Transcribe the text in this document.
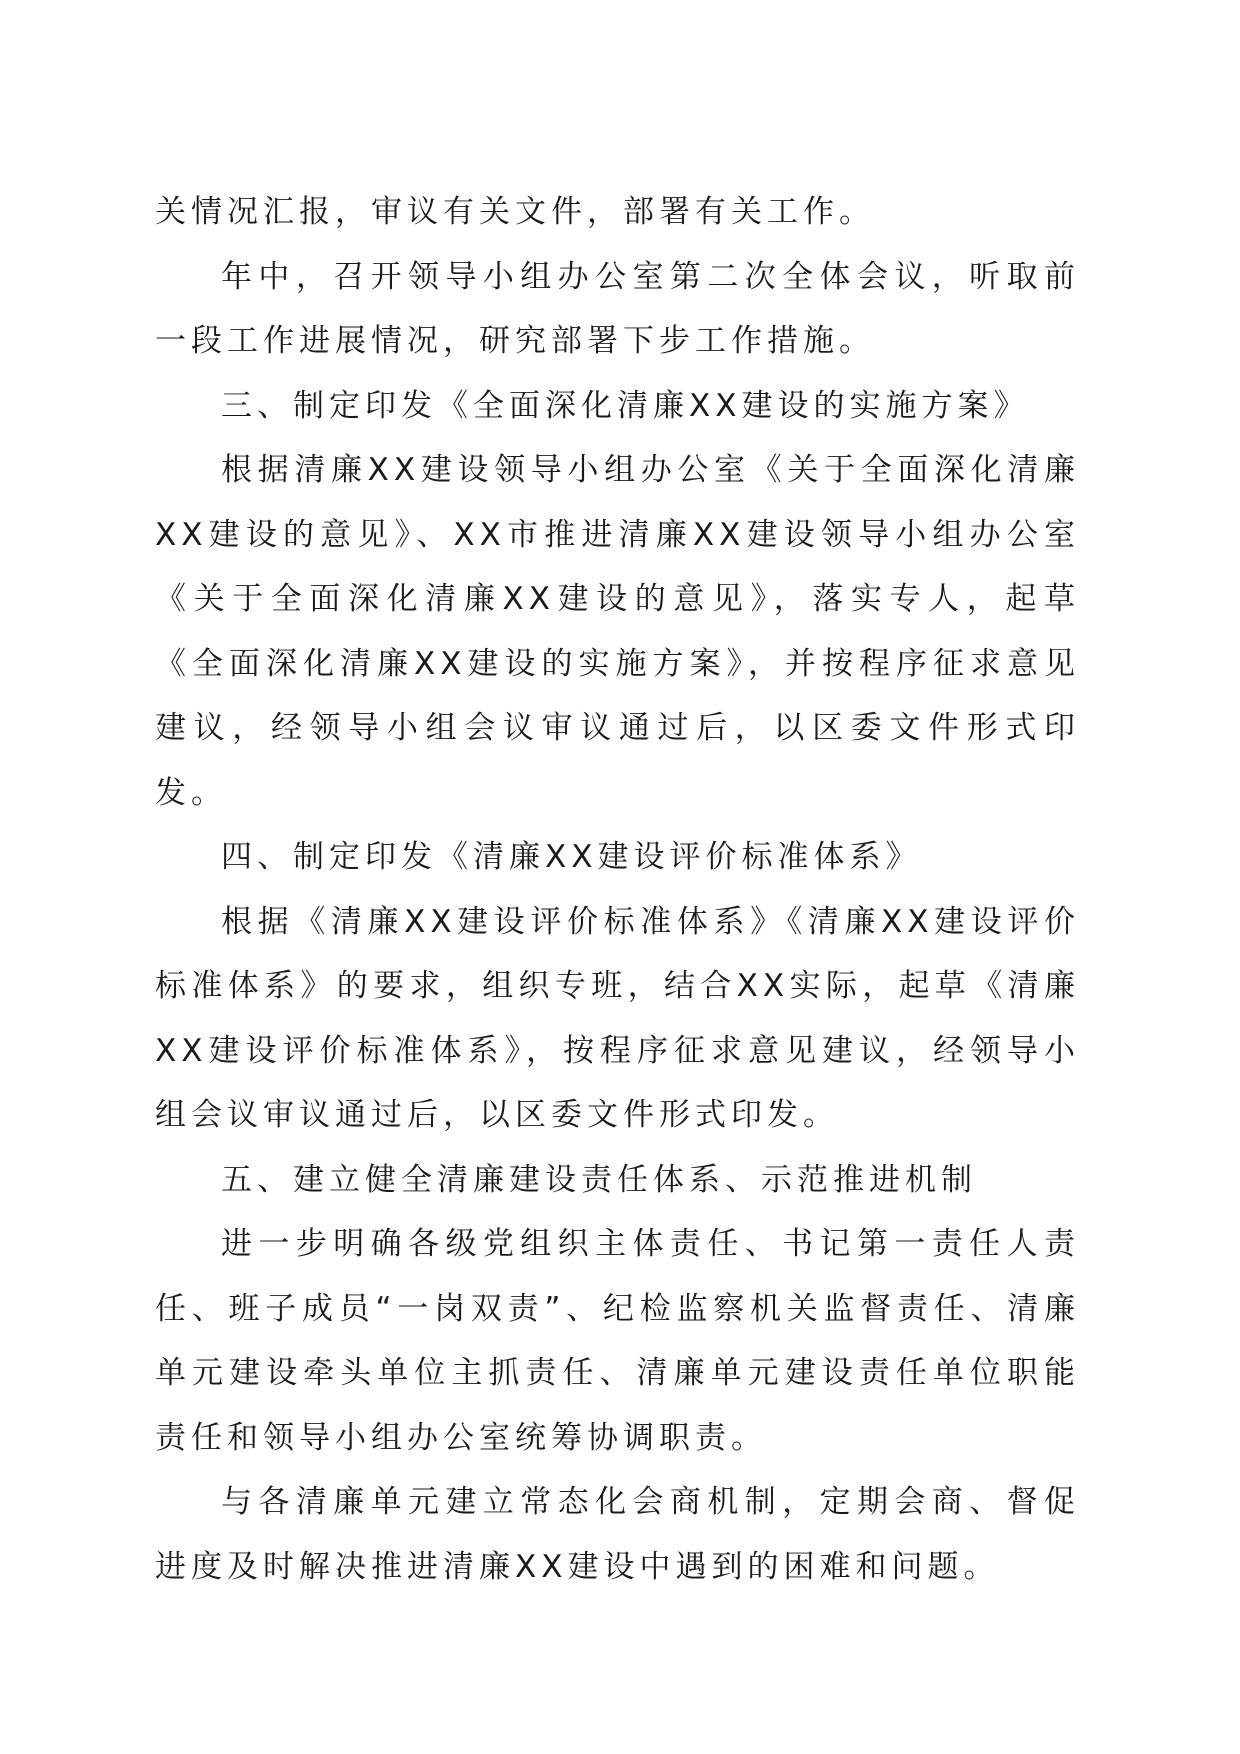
关情况汇报，审议有关文件，部署有关工作。

年中，召开领导小组办公室第二次全体会议，听取前一段工作进展情况，研究部署下步工作措施。

三、制定印发《全面深化清廉XX建设的实施方案》

根据清廉XX建设领导小组办公室《关于全面深化清廉XX建设的意见》、XX市推进清廉XX建设领导小组办公室《关于全面深化清廉XX建设的意见》，落实专人，起草《全面深化清廉XX建设的实施方案》，并按程序征求意见建议，经领导小组会议审议通过后，以区委文件形式印发。

四、制定印发《清廉XX建设评价标准体系》

根据《清廉XX建设评价标准体系》《清廉XX建设评价标准体系》的要求，组织专班，结合XX实际，起草《清廉XX建设评价标准体系》，按程序征求意见建议，经领导小组会议审议通过后，以区委文件形式印发。

五、建立健全清廉建设责任体系、示范推进机制

进一步明确各级党组织主体责任、书记第一责任人责任、班子成员“一岗双责”、纪检监察机关监督责任、清廉单元建设牵头单位主抓责任、清廉单元建设责任单位职能责任和领导小组办公室统筹协调职责。

与各清廉单元建立常态化会商机制，定期会商、督促进度及时解决推进清廉XX建设中遇到的困难和问题。
